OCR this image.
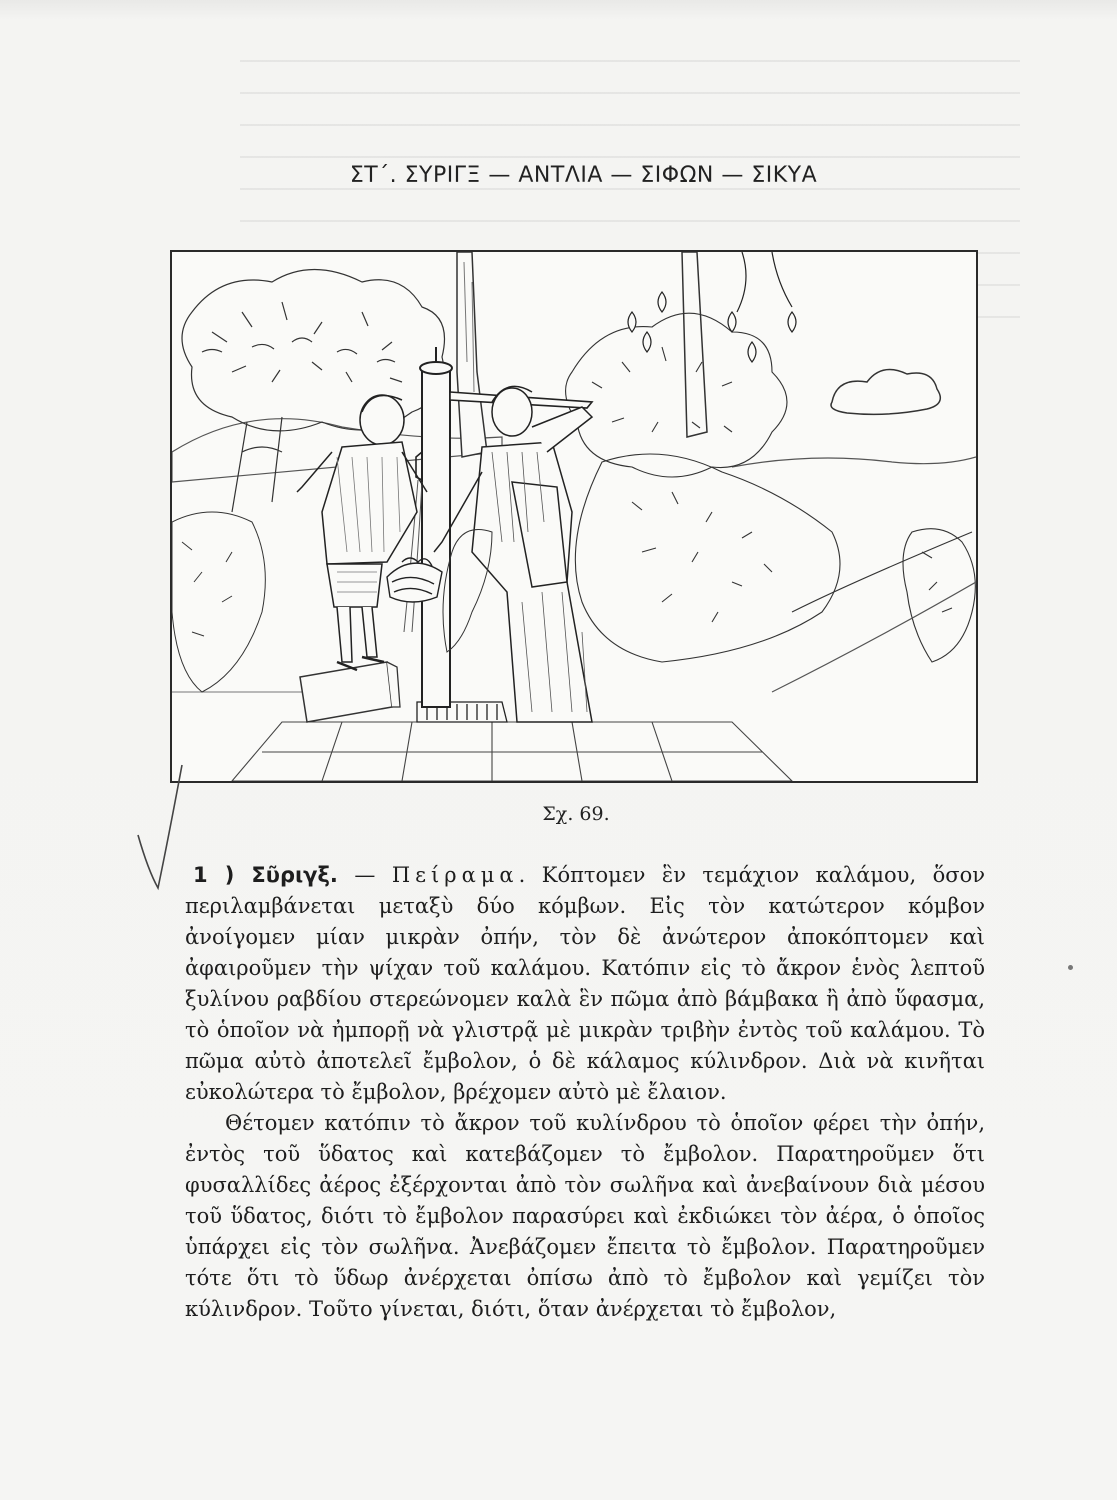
ΣΤ΄. ΣΥΡΙΓΞ — ΑΝΤΛΙΑ — ΣΙΦΩΝ — ΣΙΚΥΑ
Σχ. 69.

1 ) Σῦριγξ. — Πείραμα. Κόπτομεν ἓν τεμάχιον καλάμου, ὅσον περιλαμβάνεται μεταξὺ δύο κόμβων. Εἰς τὸν κατώτερον κόμβον ἀνοίγομεν μίαν μικρὰν ὀπήν, τὸν δὲ ἀνώτερον ἀποκόπτομεν καὶ ἀφαιροῦμεν τὴν ψίχαν τοῦ καλάμου. Κατόπιν εἰς τὸ ἄκρον ἑνὸς λεπτοῦ ξυλίνου ραβδίου στερεώνομεν καλὰ ἓν πῶμα ἀπὸ βάμβακα ἢ ἀπὸ ὕφασμα, τὸ ὁποῖον νὰ ἠμπορῇ νὰ γλιστρᾷ μὲ μικρὰν τριβὴν ἐντὸς τοῦ καλάμου. Τὸ πῶμα αὐτὸ ἀποτελεῖ ἔμβολον, ὁ δὲ κάλαμος κύλινδρον. Διὰ νὰ κινῆται εὐκολώτερα τὸ ἔμβολον, βρέχομεν αὐτὸ μὲ ἔλαιον.

Θέτομεν κατόπιν τὸ ἄκρον τοῦ κυλίνδρου τὸ ὁποῖον φέρει τὴν ὀπήν, ἐντὸς τοῦ ὕδατος καὶ κατεβάζομεν τὸ ἔμβολον. Παρατηροῦμεν ὅτι φυσαλλίδες ἀέρος ἐξέρχονται ἀπὸ τὸν σωλῆνα καὶ ἀνεβαίνουν διὰ μέσου τοῦ ὕδατος, διότι τὸ ἔμβολον παρασύρει καὶ ἐκδιώκει τὸν ἀέρα, ὁ ὁποῖος ὑπάρχει εἰς τὸν σωλῆνα. Ἀνεβάζομεν ἔπειτα τὸ ἔμβολον. Παρατηροῦμεν τότε ὅτι τὸ ὕδωρ ἀνέρχεται ὀπίσω ἀπὸ τὸ ἔμβολον καὶ γεμίζει τὸν κύλινδρον. Τοῦτο γίνεται, διότι, ὅταν ἀνέρχεται τὸ ἔμβολον,
